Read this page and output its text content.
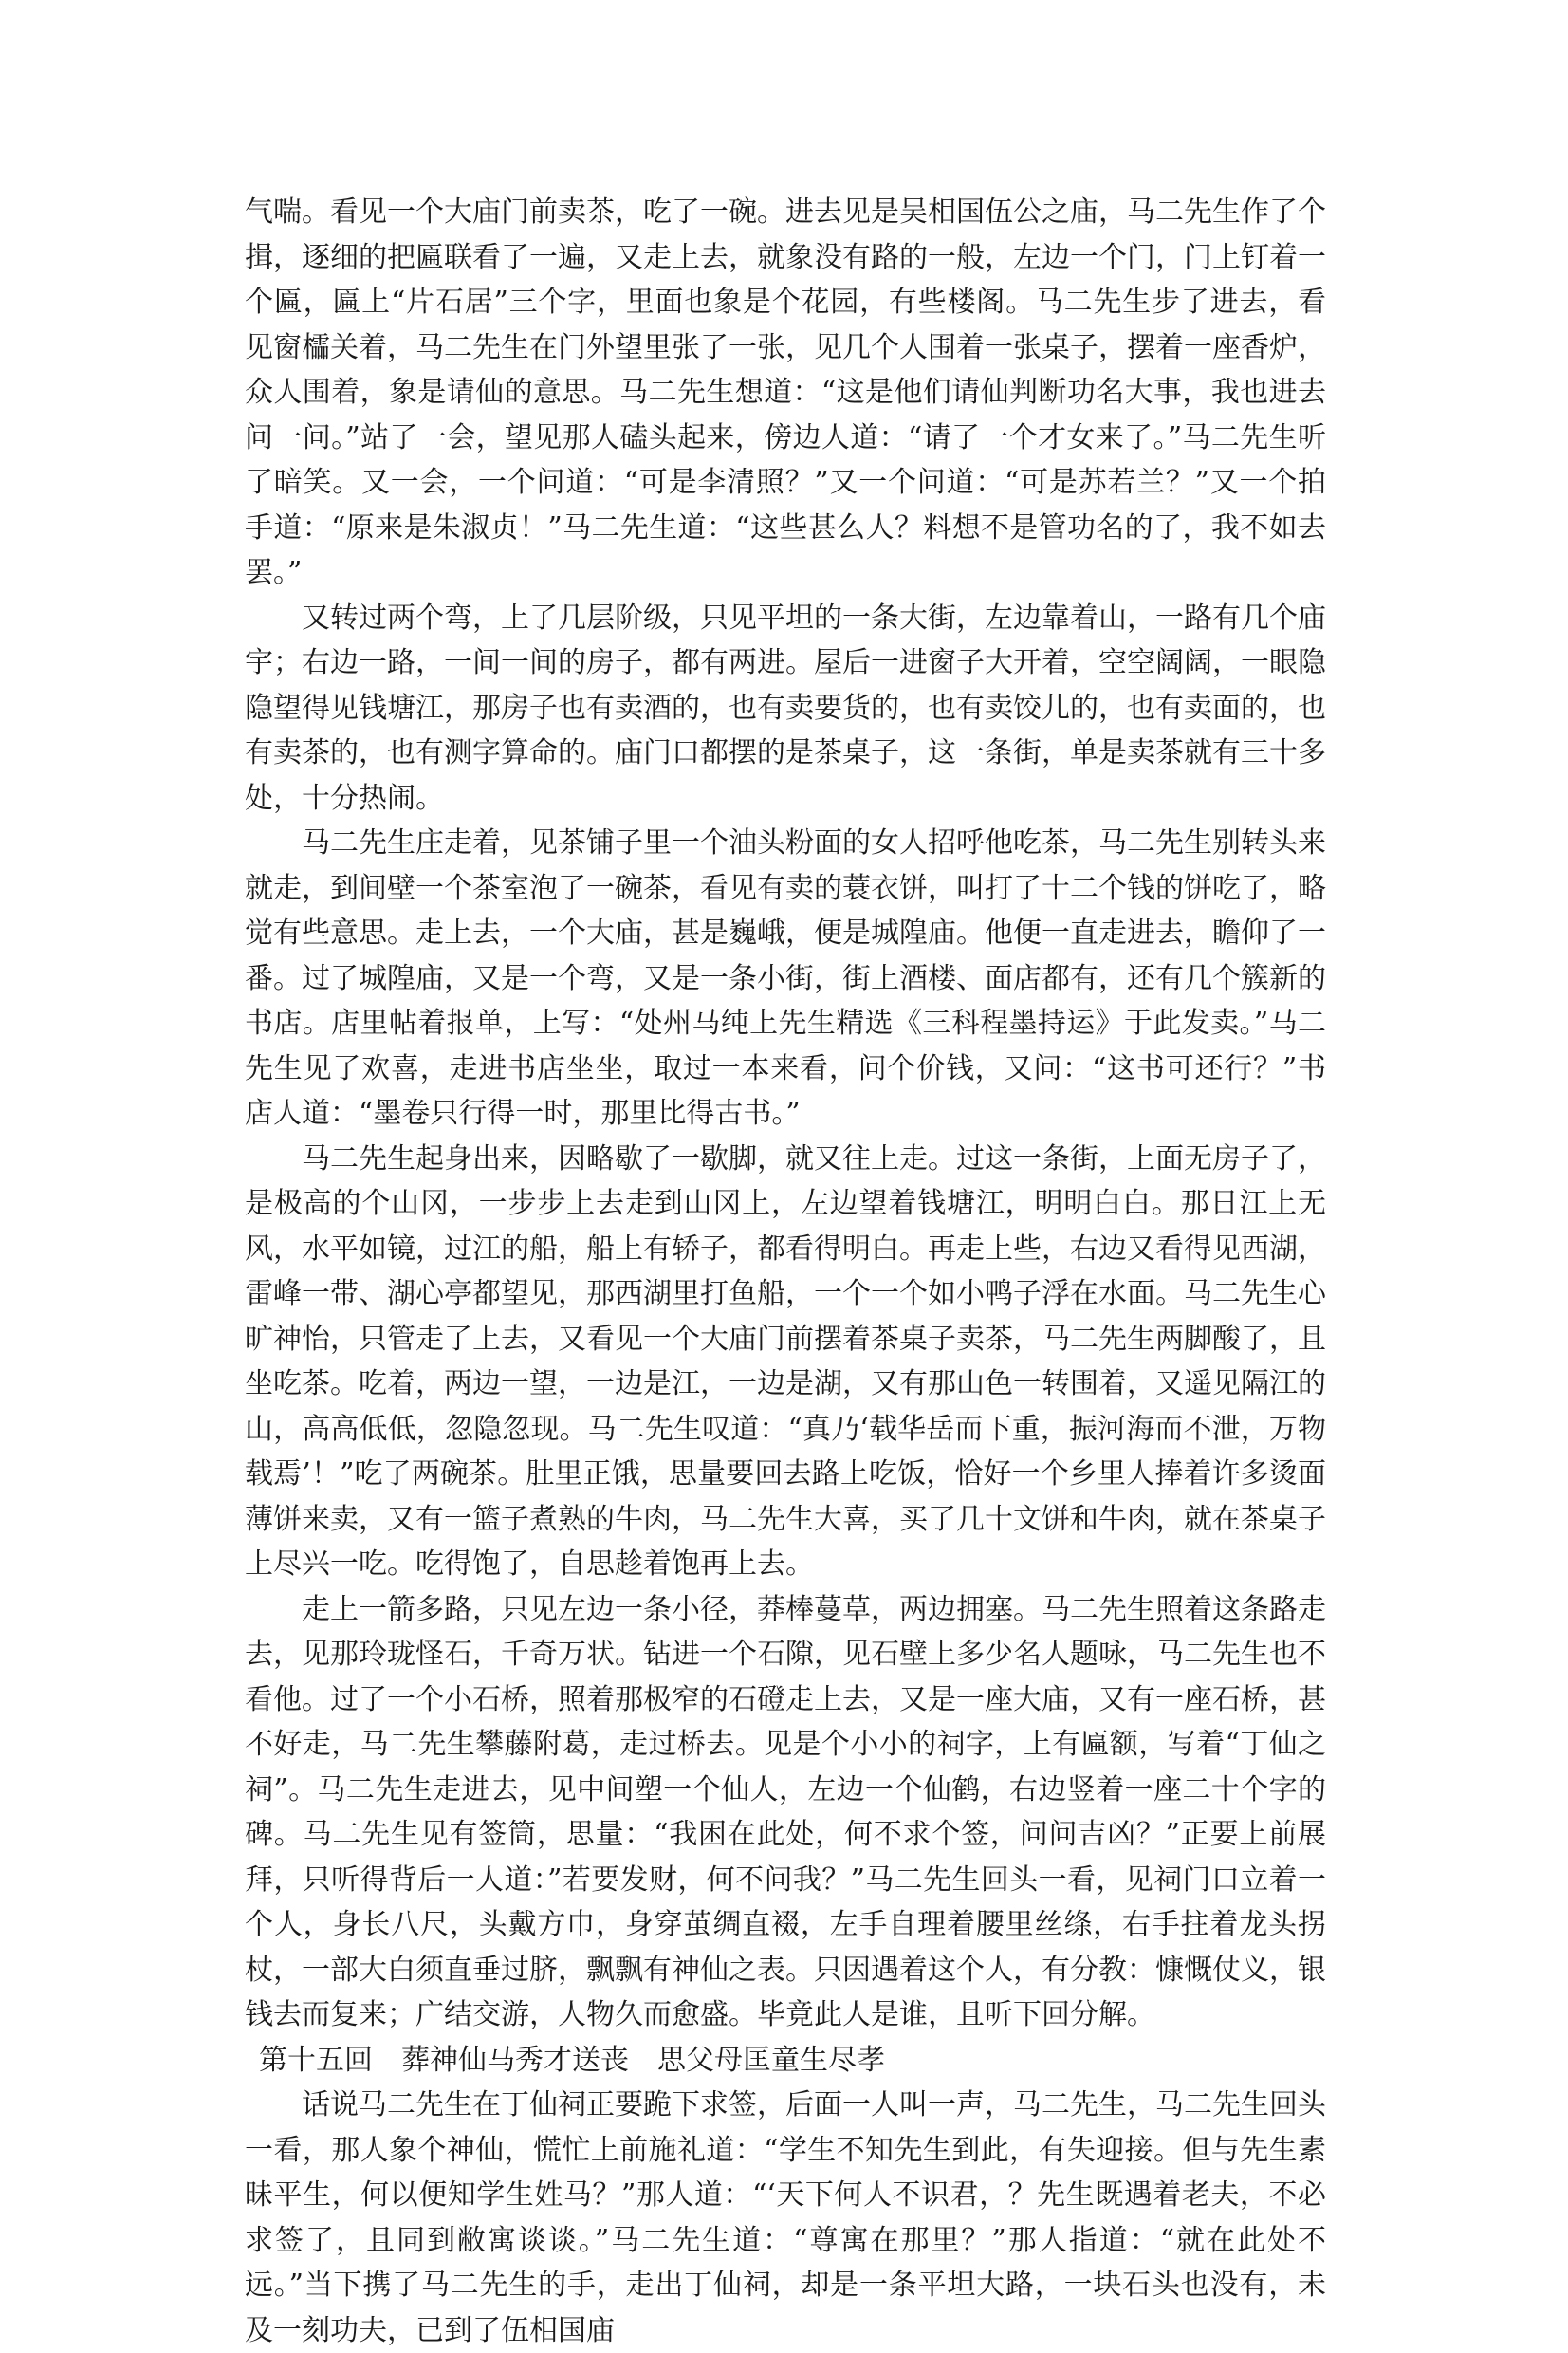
气喘。看见一个大庙门前卖茶，吃了一碗。进去见是吴相国伍公之庙，马二先生作了个揖，逐细的把匾联看了一遍，又走上去，就象没有路的一般，左边一个门，门上钉着一个匾，匾上“片石居”三个字，里面也象是个花园，有些楼阁。马二先生步了进去，看见窗櫺关着，马二先生在门外望里张了一张，见几个人围着一张桌子，摆着一座香炉，众人围着，象是请仙的意思。马二先生想道：“这是他们请仙判断功名大事，我也进去问一问。”站了一会，望见那人磕头起来，傍边人道：“请了一个才女来了。”马二先生听了暗笑。又一会，一个问道：“可是李清照？”又一个问道：“可是苏若兰？”又一个拍手道：“原来是朱淑贞！”马二先生道：“这些甚么人？料想不是管功名的了，我不如去罢。”

又转过两个弯，上了几层阶级，只见平坦的一条大街，左边靠着山，一路有几个庙宇；右边一路，一间一间的房子，都有两进。屋后一进窗子大开着，空空阔阔，一眼隐隐望得见钱塘江，那房子也有卖酒的，也有卖要货的，也有卖饺儿的，也有卖面的，也有卖茶的，也有测字算命的。庙门口都摆的是茶桌子，这一条街，单是卖茶就有三十多处，十分热闹。

马二先生庄走着，见茶铺子里一个油头粉面的女人招呼他吃茶，马二先生别转头来就走，到间壁一个茶室泡了一碗茶，看见有卖的蓑衣饼，叫打了十二个钱的饼吃了，略觉有些意思。走上去，一个大庙，甚是巍峨，便是城隍庙。他便一直走进去，瞻仰了一番。过了城隍庙，又是一个弯，又是一条小街，街上酒楼、面店都有，还有几个簇新的书店。店里帖着报单，上写：“处州马纯上先生精选《三科程墨持运》于此发卖。”马二先生见了欢喜，走进书店坐坐，取过一本来看，问个价钱，又问：“这书可还行？”书店人道：“墨卷只行得一时，那里比得古书。”

马二先生起身出来，因略歇了一歇脚，就又往上走。过这一条街，上面无房子了，是极高的个山冈，一步步上去走到山冈上，左边望着钱塘江，明明白白。那日江上无风，水平如镜，过江的船，船上有轿子，都看得明白。再走上些，右边又看得见西湖，雷峰一带、湖心亭都望见，那西湖里打鱼船，一个一个如小鸭子浮在水面。马二先生心旷神怡，只管走了上去，又看见一个大庙门前摆着茶桌子卖茶，马二先生两脚酸了，且坐吃茶。吃着，两边一望，一边是江，一边是湖，又有那山色一转围着，又遥见隔江的山，高高低低，忽隐忽现。马二先生叹道：“真乃‘载华岳而下重，振河海而不泄，万物载焉’！”吃了两碗茶。肚里正饿，思量要回去路上吃饭，恰好一个乡里人捧着许多烫面薄饼来卖，又有一篮子煮熟的牛肉，马二先生大喜，买了几十文饼和牛肉，就在茶桌子上尽兴一吃。吃得饱了，自思趁着饱再上去。

走上一箭多路，只见左边一条小径，莽棒蔓草，两边拥塞。马二先生照着这条路走去，见那玲珑怪石，千奇万状。钻进一个石隙，见石壁上多少名人题咏，马二先生也不看他。过了一个小石桥，照着那极窄的石磴走上去，又是一座大庙，又有一座石桥，甚不好走，马二先生攀藤附葛，走过桥去。见是个小小的祠字，上有匾额，写着“丁仙之祠”。马二先生走进去，见中间塑一个仙人，左边一个仙鹤，右边竖着一座二十个字的碑。马二先生见有签筒，思量：“我困在此处，何不求个签，问问吉凶？”正要上前展拜，只听得背后一人道：”若要发财，何不问我？”马二先生回头一看，见祠门口立着一个人，身长八尺，头戴方巾，身穿茧绸直裰，左手自理着腰里丝绦，右手拄着龙头拐杖，一部大白须直垂过脐，飘飘有神仙之表。只因遇着这个人，有分教：慷慨仗义，银钱去而复来；广结交游，人物久而愈盛。毕竟此人是谁，且听下回分解。

第十五回　葬神仙马秀才送丧　思父母匡童生尽孝

话说马二先生在丁仙祠正要跪下求签，后面一人叫一声，马二先生，马二先生回头一看，那人象个神仙，慌忙上前施礼道：“学生不知先生到此，有失迎接。但与先生素昧平生，何以便知学生姓马？”那人道：“‘天下何人不识君，？先生既遇着老夫，不必求签了，且同到敝寓谈谈。”马二先生道：“尊寓在那里？”那人指道：“就在此处不远。”当下携了马二先生的手，走出丁仙祠，却是一条平坦大路，一块石头也没有，未及一刻功夫，已到了伍相国庙
